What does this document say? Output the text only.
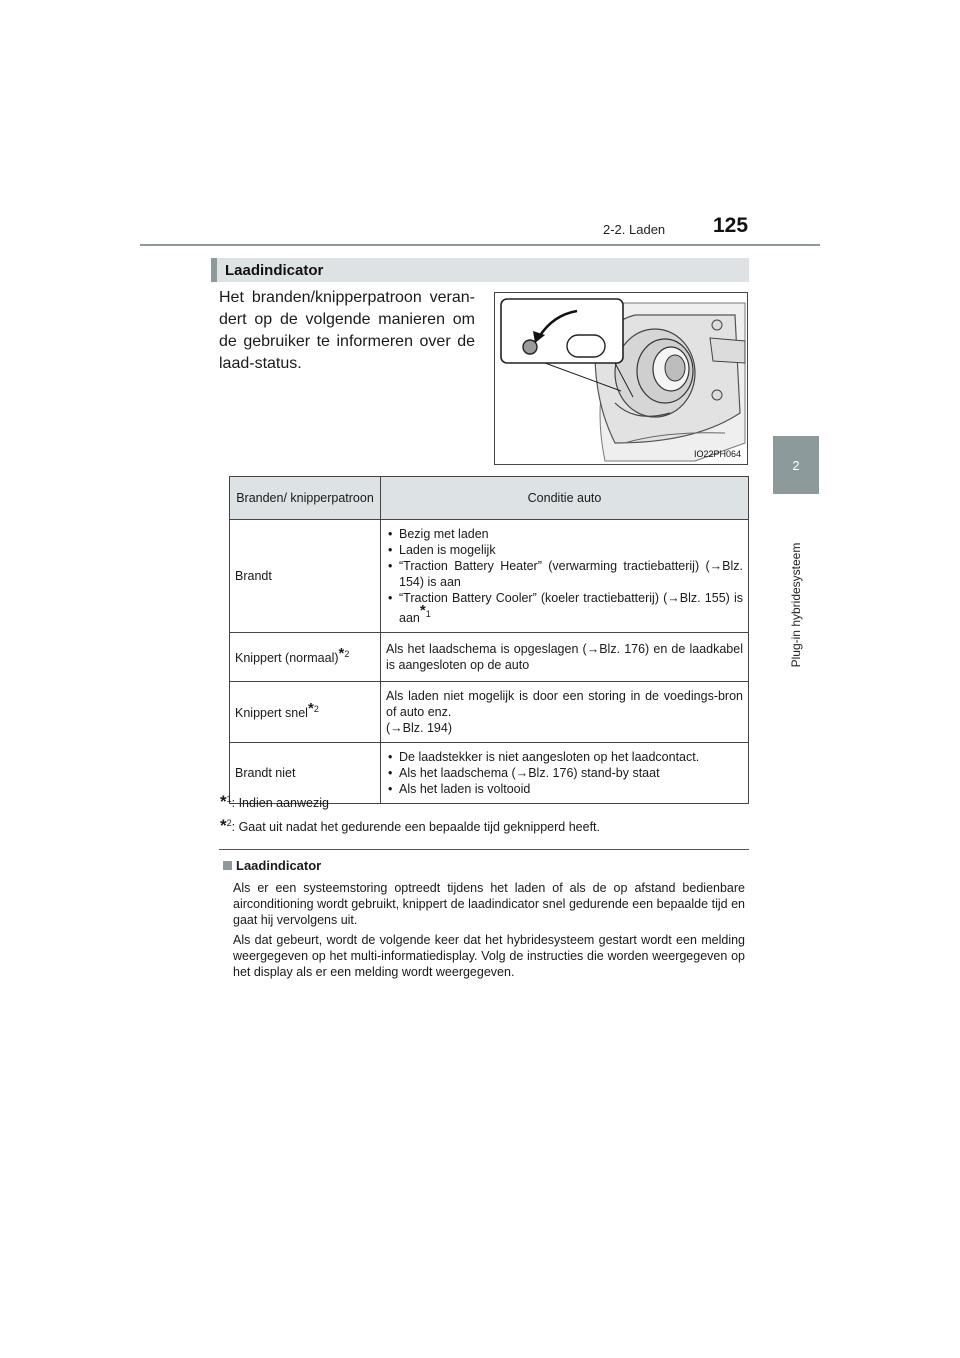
2-2. Laden 125
2
Plug-in hybridesysteem
Laadindicator
Het branden/knipperpatroon veran-dert op de volgende manieren om de gebruiker te informeren over de laad-status.
IO22PH064
Branden/ knipperpatroon	Conditie auto
Brandt	• Bezig met laden
• Laden is mogelijk
• “Traction Battery Heater” (verwarming tractiebatterij) (→Blz. 154) is aan
• “Traction Battery Cooler” (koeler tractiebatterij) (→Blz. 155) is aan$^{*1}$

Knippert (normaal)$^{*2}$	Als het laadschema is opgeslagen (→Blz. 176) en de laadkabel is aangesloten op de auto
Knippert snel$^{*2}$	Als laden niet mogelijk is door een storing in de voedings-bron of auto enz.
(→Blz. 194)

Brandt niet	• De laadstekker is niet aangesloten op het laadcontact.
• Als het laadschema (→Blz. 176) stand-by staat
• Als het laden is voltooid
*$^1$: Indien aanwezig
*$^2$: Gaat uit nadat het gedurende een bepaalde tijd geknipperd heeft.
Laadindicator
Als er een systeemstoring optreedt tijdens het laden of als de op afstand bedienbare airconditioning wordt gebruikt, knippert de laadindicator snel gedurende een bepaalde tijd en gaat hij vervolgens uit.
Als dat gebeurt, wordt de volgende keer dat het hybridesysteem gestart wordt een melding weergegeven op het multi-informatiedisplay. Volg de instructies die worden weergegeven op het display als er een melding wordt weergegeven.
